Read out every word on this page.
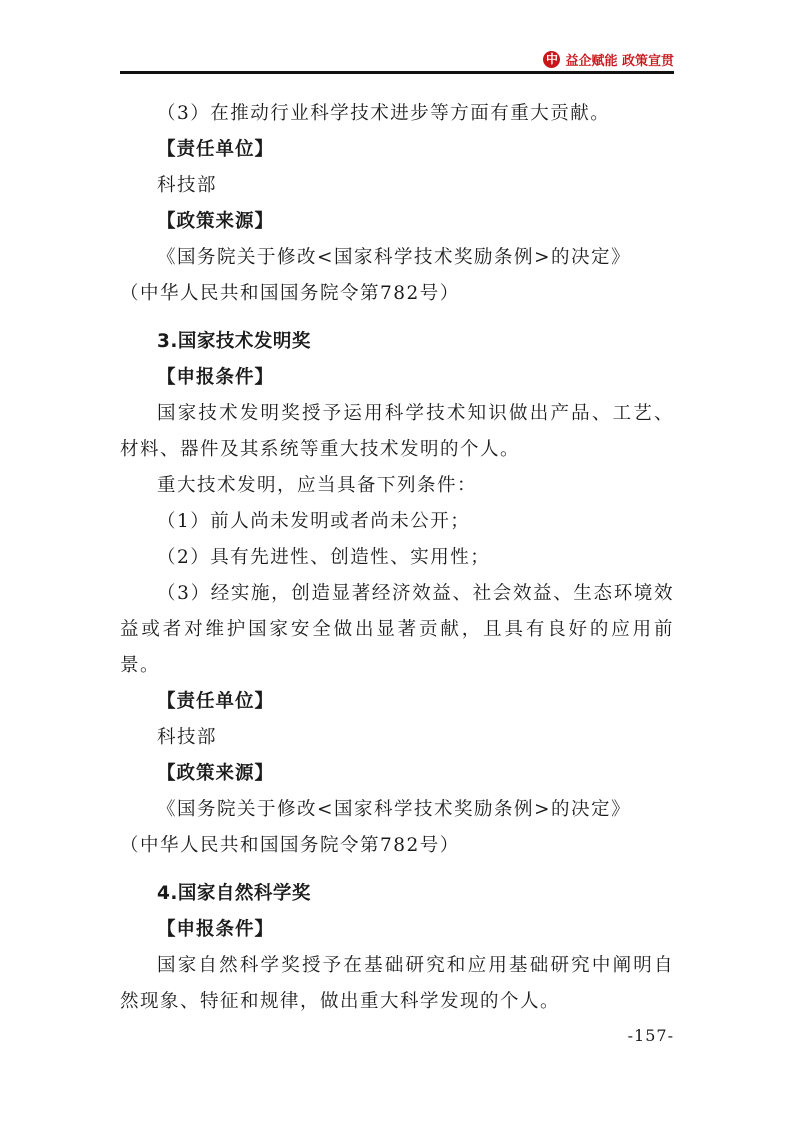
中 益企赋能 政策宣贯

（3）在推动行业科学技术进步等方面有重大贡献。

【责任单位】

科技部

【政策来源】

《国务院关于修改<国家科学技术奖励条例>的决定》

（中华人民共和国国务院令第782号）

3.国家技术发明奖

【申报条件】

国家技术发明奖授予运用科学技术知识做出产品、工艺、材料、器件及其系统等重大技术发明的个人。

重大技术发明，应当具备下列条件：

（1）前人尚未发明或者尚未公开；

（2）具有先进性、创造性、实用性；

（3）经实施，创造显著经济效益、社会效益、生态环境效益或者对维护国家安全做出显著贡献，且具有良好的应用前景。

【责任单位】

科技部

【政策来源】

《国务院关于修改<国家科学技术奖励条例>的决定》

（中华人民共和国国务院令第782号）

4.国家自然科学奖

【申报条件】

国家自然科学奖授予在基础研究和应用基础研究中阐明自然现象、特征和规律，做出重大科学发现的个人。

-157-
